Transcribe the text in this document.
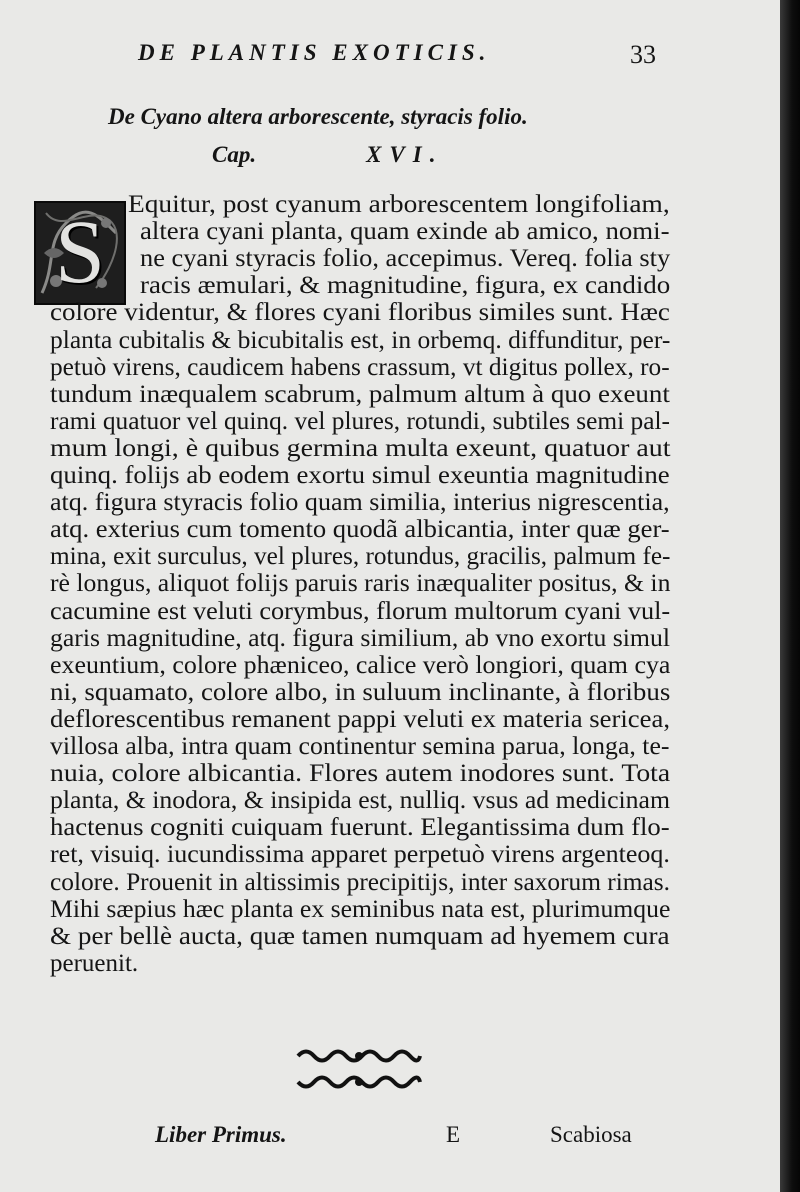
DE PLANTIS EXOTICIS.	33
De Cyano altera arborescente, styracis folio.
Cap.	XVI.
S Equitur, post cyanum arborescentem longifoliam,
altera cyani planta, quam exinde ab amico, nomi-
ne cyani styracis folio, accepimus. Vereq. folia sty
racis æmulari, & magnitudine, figura, ex candido
colore videntur, & flores cyani floribus similes sunt. Hæc
planta cubitalis & bicubitalis est, in orbemq. diffunditur, per-
petuò virens, caudicem habens crassum, vt digitus pollex, ro-
tundum inæqualem scabrum, palmum altum à quo exeunt
rami quatuor vel quinq. vel plures, rotundi, subtiles semi pal-
mum longi, è quibus germina multa exeunt, quatuor aut
quinq. folijs ab eodem exortu simul exeuntia magnitudine
atq. figura styracis folio quam similia, interius nigrescentia,
atq. exterius cum tomento quodã albicantia, inter quæ ger-
mina, exit surculus, vel plures, rotundus, gracilis, palmum fe-
rè longus, aliquot folijs paruis raris inæqualiter positus, & in
cacumine est veluti corymbus, florum multorum cyani vul-
garis magnitudine, atq. figura similium, ab vno exortu simul
exeuntium, colore phæniceo, calice verò longiori, quam cya
ni, squamato, colore albo, in suluum inclinante, à floribus
deflorescentibus remanent pappi veluti ex materia sericea,
villosa alba, intra quam continentur semina parua, longa, te-
nuia, colore albicantia. Flores autem inodores sunt. Tota
planta, & inodora, & insipida est, nulliq. vsus ad medicinam
hactenus cogniti cuiquam fuerunt. Elegantissima dum flo-
ret, visuiq. iucundissima apparet perpetuò virens argenteoq.
colore. Prouenit in altissimis precipitijs, inter saxorum rimas.
Mihi sæpius hæc planta ex seminibus nata est, plurimumque
& per bellè aucta, quæ tamen numquam ad hyemem cura
peruenit.
Liber Primus.	E	Scabiosa
